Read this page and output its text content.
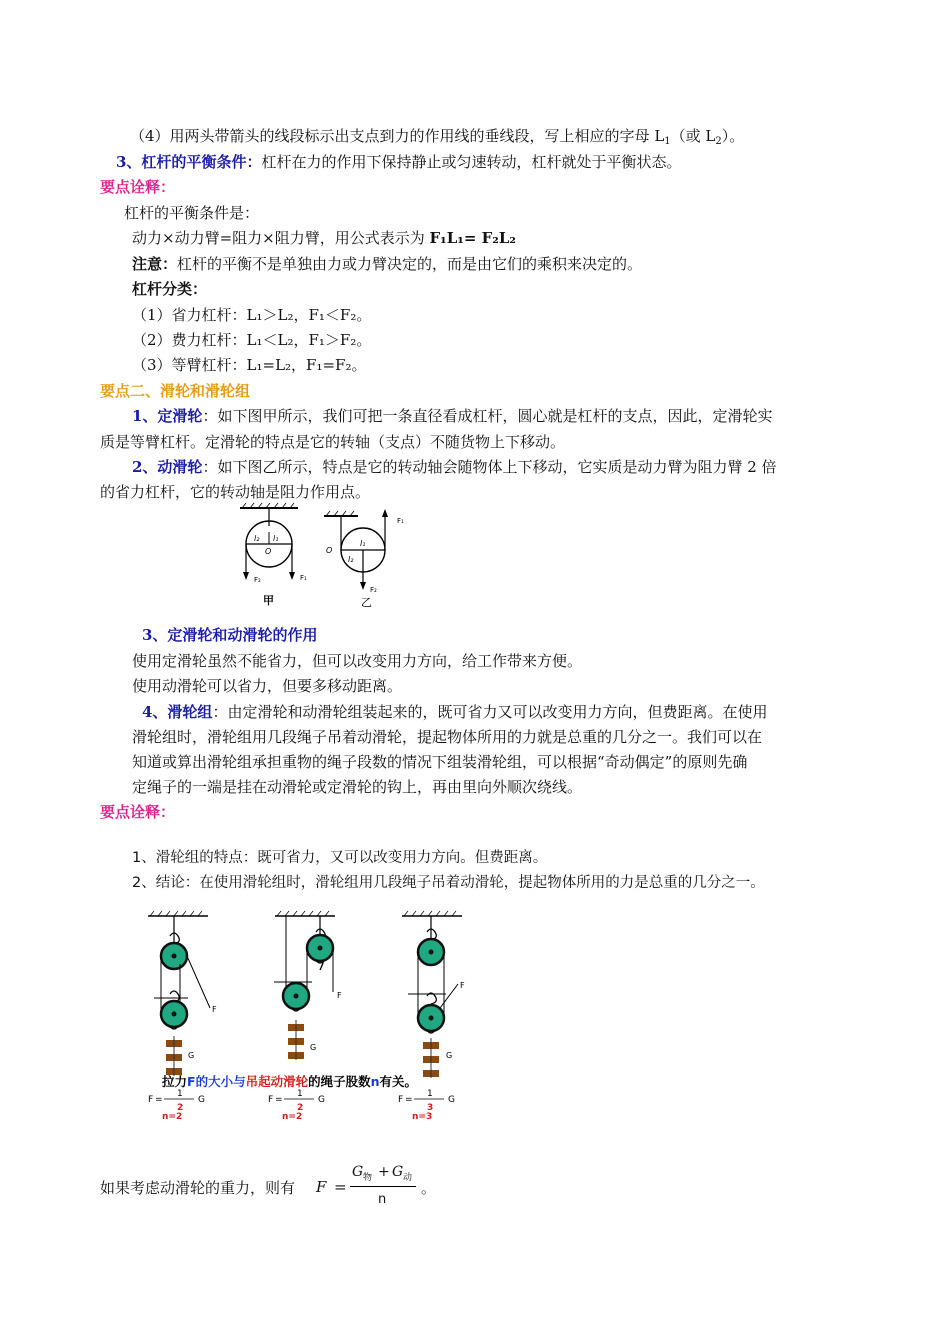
（4）用两头带箭头的线段标示出支点到力的作用线的垂线段，写上相应的字母 $L_1$（或 $L_2$）。
3、杠杆的平衡条件：杠杆在力的作用下保持静止或匀速转动，杠杆就处于平衡状态。
要点诠释：
杠杆的平衡条件是：
动力×动力臂=阻力×阻力臂，用公式表示为 F₁L₁= F₂L₂
注意：杠杆的平衡不是单独由力或力臂决定的，而是由它们的乘积来决定的。
杠杆分类：
（1）省力杠杆：L₁＞L₂，F₁＜F₂。
（2）费力杠杆：L₁＜L₂，F₁＞F₂。
（3）等臂杠杆：L₁=L₂，F₁=F₂。
要点二、滑轮和滑轮组
1、定滑轮：如下图甲所示，我们可把一条直径看成杠杆，圆心就是杠杆的支点，因此，定滑轮实
质是等臂杠杆。定滑轮的特点是它的转轴（支点）不随货物上下移动。
2、动滑轮：如下图乙所示，特点是它的转动轴会随物体上下移动，它实质是动力臂为阻力臂 2 倍
的省力杠杆，它的转动轴是阻力作用点。
l₂ l₁
O
F₂	F₁
甲
l₁
l₂
O
F₁
F₂
乙
3、定滑轮和动滑轮的作用
使用定滑轮虽然不能省力，但可以改变用力方向，给工作带来方便。
使用动滑轮可以省力，但要多移动距离。
4、滑轮组：由定滑轮和动滑轮组装起来的，既可省力又可以改变用力方向，但费距离。在使用
滑轮组时，滑轮组用几段绳子吊着动滑轮，提起物体所用的力就是总重的几分之一。我们可以在
知道或算出滑轮组承担重物的绳子段数的情况下组装滑轮组，可以根据“奇动偶定”的原则先确
定绳子的一端是挂在动滑轮或定滑轮的钩上，再由里向外顺次绕线。
要点诠释：
1、滑轮组的特点：既可省力，又可以改变用力方向。但费距离。
2、结论：在使用滑轮组时，滑轮组用几段绳子吊着动滑轮，提起物体所用的力是总重的几分之一。
F
G
F
G
F
G
拉力F的大小与吊起动滑轮的绳子股数n有关。
F =
1
2
G
n=2
F =
1
2
G
n=2
F =
1
3
G
n=3
如果考虑动滑轮的重力，则有 F =
G 物 + G 动
n
。
